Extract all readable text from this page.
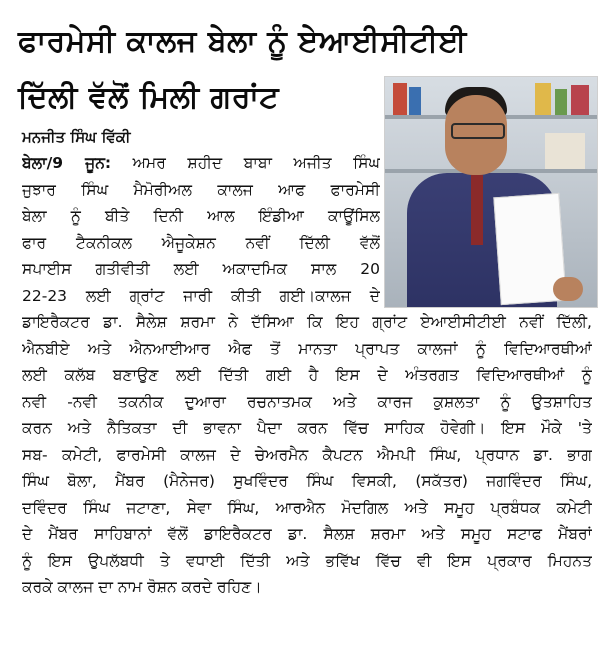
ਫਾਰਮੇਸੀ ਕਾਲਜ ਬੇਲਾ ਨੂੰ ਏਆਈਸੀਟੀਈ
ਦਿੱਲੀ ਵੱਲੋਂ ਮਿਲੀ ਗਰਾਂਟ
ਮਨਜੀਤ ਸਿੰਘ ਵਿੱਕੀ
ਬੇਲਾ/9 ਜੂਨ: ਅਮਰ ਸ਼ਹੀਦ ਬਾਬਾ ਅਜੀਤ ਸਿੰਘ
ਜੁਝਾਰ ਸਿੰਘ ਮੈਮੋਰੀਅਲ ਕਾਲਜ ਆਫ ਫਾਰਮੇਸੀ
ਬੇਲਾ ਨੂੰ ਬੀਤੇ ਦਿਨੀ ਆਲ ਇੰਡੀਆ ਕਾਊਂਸਿਲ
ਫਾਰ ਟੈਕਨੀਕਲ ਐਜੂਕੇਸ਼ਨ ਨਵੀਂ ਦਿੱਲੀ ਵੱਲੋਂ
ਸਪਾਈਸ ਗਤੀਵੀਤੀ ਲਈ ਅਕਾਦਮਿਕ ਸਾਲ 20
22-23 ਲਈ ਗ੍ਰਾਂਟ ਜਾਰੀ ਕੀਤੀ ਗਈ।ਕਾਲਜ ਦੇ
ਡਾਇਰੈਕਟਰ ਡਾ. ਸੈਲੇਸ਼ ਸ਼ਰਮਾ ਨੇ ਦੱਸਿਆ ਕਿ ਇਹ ਗ੍ਰਾਂਟ ਏਆਈਸੀਟੀਈ ਨਵੀਂ ਦਿੱਲੀ,
ਐਨਬੀਏ ਅਤੇ ਐਨਆਈਆਰ ਐਫ ਤੋਂ ਮਾਨਤਾ ਪ੍ਰਾਪਤ ਕਾਲਜਾਂ ਨੂੰ ਵਿਦਿਆਰਥੀਆਂ
ਲਈ ਕਲੱਬ ਬਣਾਉਣ ਲਈ ਦਿੱਤੀ ਗਈ ਹੈ ਇਸ ਦੇ ਅੰਤਰਗਤ ਵਿਦਿਆਰਥੀਆਂ ਨੂੰ
ਨਵੀ -ਨਵੀ ਤਕਨੀਕ ਦੁਆਰਾ ਰਚਨਾਤਮਕ ਅਤੇ ਕਾਰਜ ਕੁਸ਼ਲਤਾ ਨੂੰ ਉਤਸ਼ਾਹਿਤ
ਕਰਨ ਅਤੇ ਨੈਤਿਕਤਾ ਦੀ ਭਾਵਨਾ ਪੈਦਾ ਕਰਨ ਵਿੱਚ ਸਾਹਿਕ ਹੋਵੇਗੀ। ਇਸ ਮੌਕੇ 'ਤੇ
ਸਬ- ਕਮੇਟੀ, ਫਾਰਮੇਸੀ ਕਾਲਜ ਦੇ ਚੇਅਰਮੈਨ ਕੈਪਟਨ ਐਮਪੀ ਸਿੰਘ, ਪ੍ਰਧਾਨ ਡਾ. ਭਾਗ
ਸਿੰਘ ਬੋਲਾ, ਮੈਂਬਰ (ਮੈਨੇਜਰ) ਸੁਖਵਿੰਦਰ ਸਿੰਘ ਵਿਸਕੀ, (ਸਕੱਤਰ) ਜਗਵਿੰਦਰ ਸਿੰਘ,
ਦਵਿੰਦਰ ਸਿੰਘ ਜਟਾਣਾ, ਸੇਵਾ ਸਿੰਘ, ਆਰਐਨ ਮੋਦਗਿਲ ਅਤੇ ਸਮੂਹ ਪ੍ਰਬੰਧਕ ਕਮੇਟੀ
ਦੇ ਮੈਂਬਰ ਸਾਹਿਬਾਨਾਂ ਵੱਲੋਂ ਡਾਇਰੈਕਟਰ ਡਾ. ਸੈਲਸ਼ ਸ਼ਰਮਾ ਅਤੇ ਸਮੂਹ ਸਟਾਫ ਮੈਂਬਰਾਂ
ਨੂੰ ਇਸ ਉਪਲੱਬਧੀ ਤੇ ਵਧਾਈ ਦਿੱਤੀ ਅਤੇ ਭਵਿੱਖ ਵਿੱਚ ਵੀ ਇਸ ਪ੍ਰਕਾਰ ਮਿਹਨਤ
ਕਰਕੇ ਕਾਲਜ ਦਾ ਨਾਮ ਰੋਸ਼ਨ ਕਰਦੇ ਰਹਿਣ।
